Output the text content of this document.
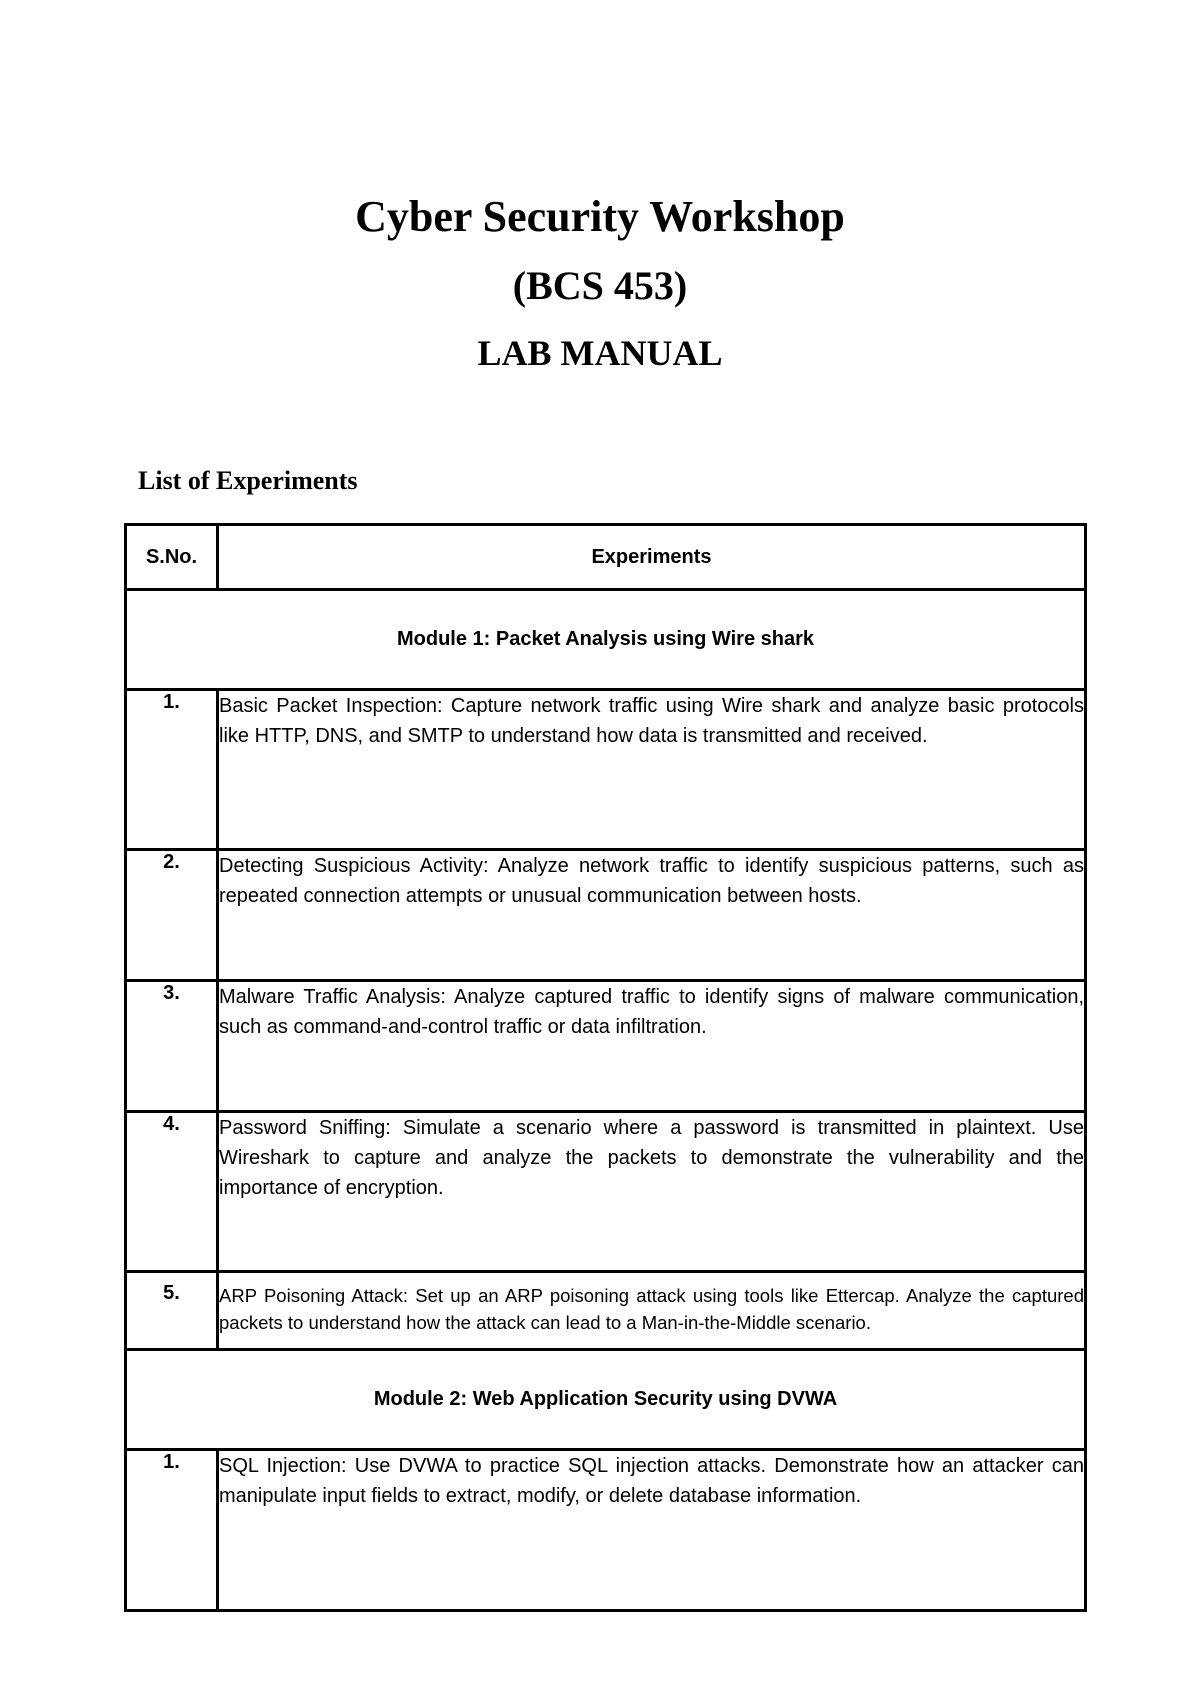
Cyber Security Workshop
(BCS 453)
LAB MANUAL
List of Experiments
S.No.	Experiments
Module 1: Packet Analysis using Wire shark	
1.	Basic Packet Inspection: Capture network traffic using Wire shark and analyze basic protocols like HTTP, DNS, and SMTP to understand how data is transmitted and received.
2.	Detecting Suspicious Activity: Analyze network traffic to identify suspicious patterns, such as repeated connection attempts or unusual communication between hosts.
3.	Malware Traffic Analysis: Analyze captured traffic to identify signs of malware communication, such as command-and-control traffic or data infiltration.
4.	Password Sniffing: Simulate a scenario where a password is transmitted in plaintext. Use Wireshark to capture and analyze the packets to demonstrate the vulnerability and the importance of encryption.
5.	ARP Poisoning Attack: Set up an ARP poisoning attack using tools like Ettercap. Analyze the captured packets to understand how the attack can lead to a Man-in-the-Middle scenario.
Module 2: Web Application Security using DVWA	
1.	SQL Injection: Use DVWA to practice SQL injection attacks. Demonstrate how an attacker can manipulate input fields to extract, modify, or delete database information.
